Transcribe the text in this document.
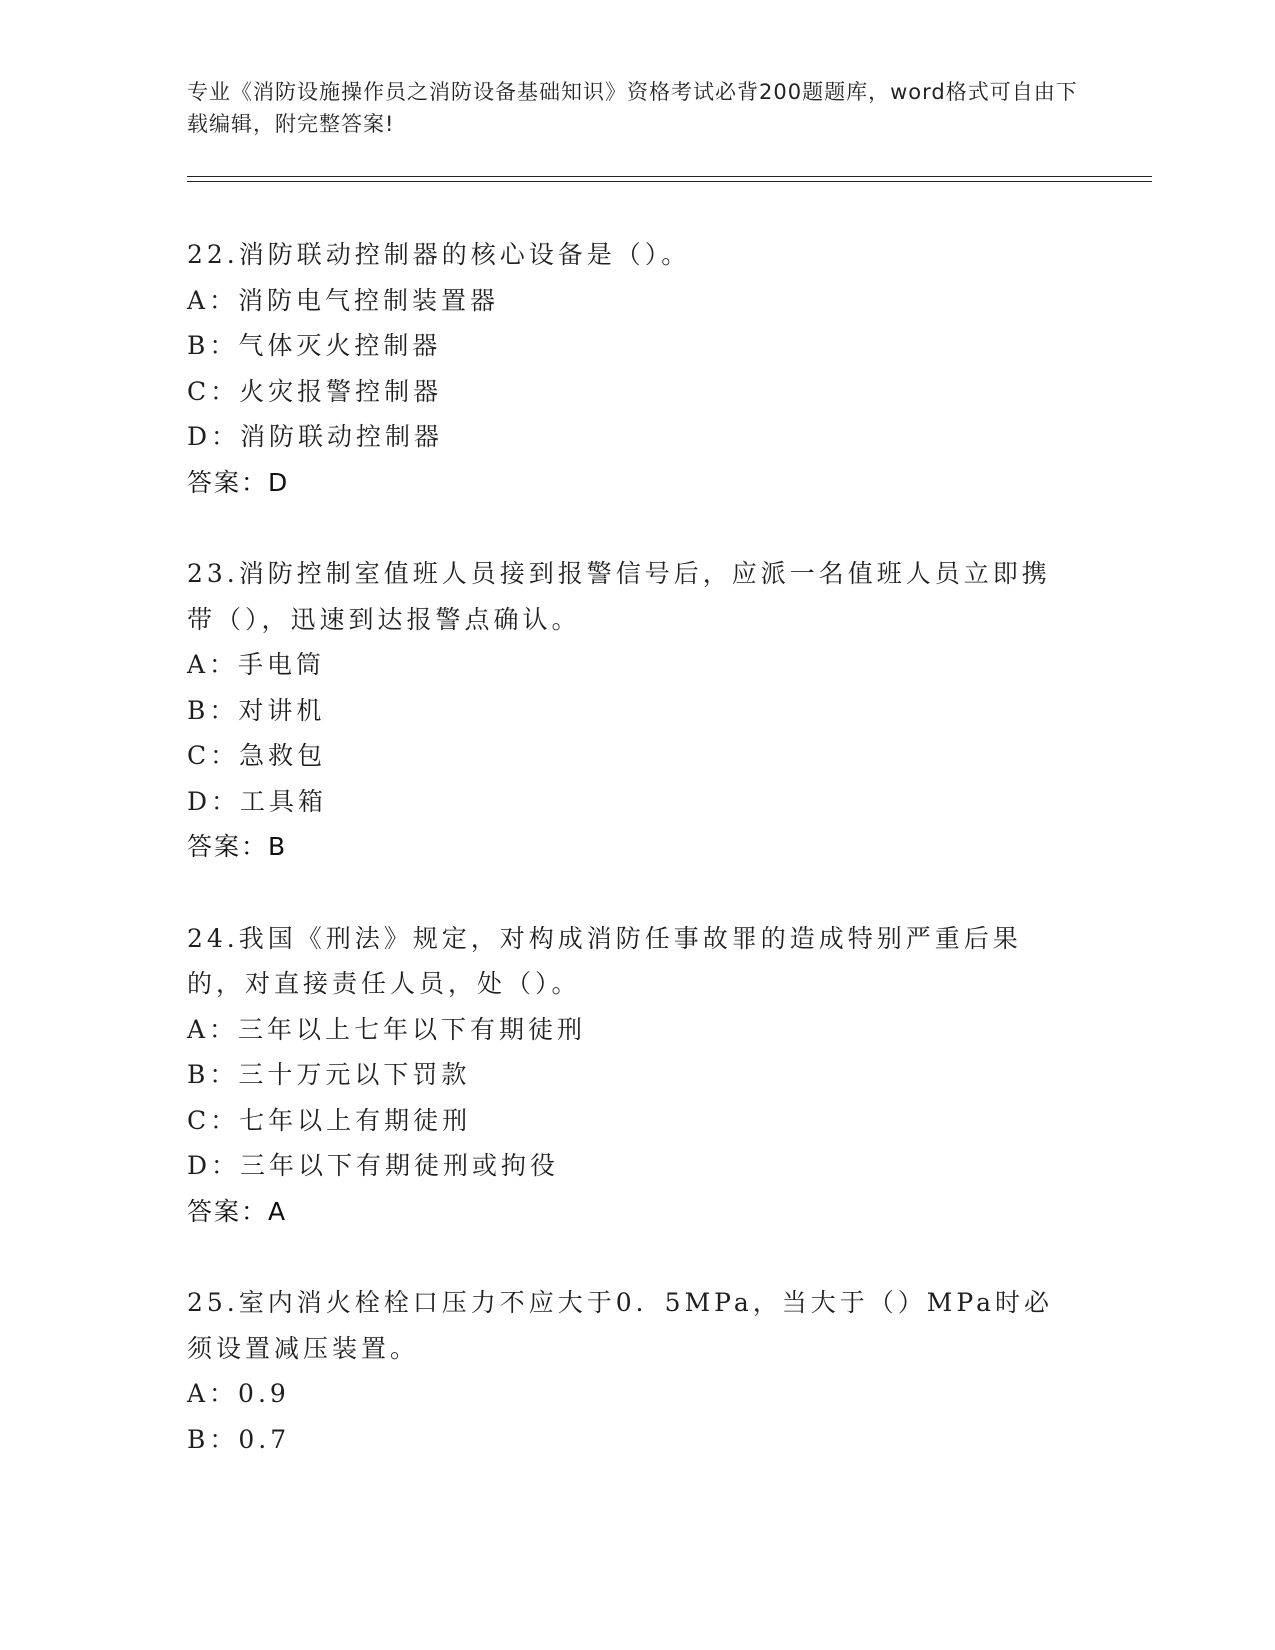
专业《消防设施操作员之消防设备基础知识》资格考试必背200题题库，word格式可自由下载编辑，附完整答案!
22.消防联动控制器的核心设备是（）。
A：消防电气控制装置器
B：气体灭火控制器
C：火灾报警控制器
D：消防联动控制器
答案：D
23.消防控制室值班人员接到报警信号后，应派一名值班人员立即携带（），迅速到达报警点确认。
A：手电筒
B：对讲机
C：急救包
D：工具箱
答案：B
24.我国《刑法》规定，对构成消防任事故罪的造成特别严重后果的，对直接责任人员，处（）。
A：三年以上七年以下有期徒刑
B：三十万元以下罚款
C：七年以上有期徒刑
D：三年以下有期徒刑或拘役
答案：A
25.室内消火栓栓口压力不应大于0．5MPa，当大于（）MPa时必须设置减压装置。
A：0.9
B：0.7
